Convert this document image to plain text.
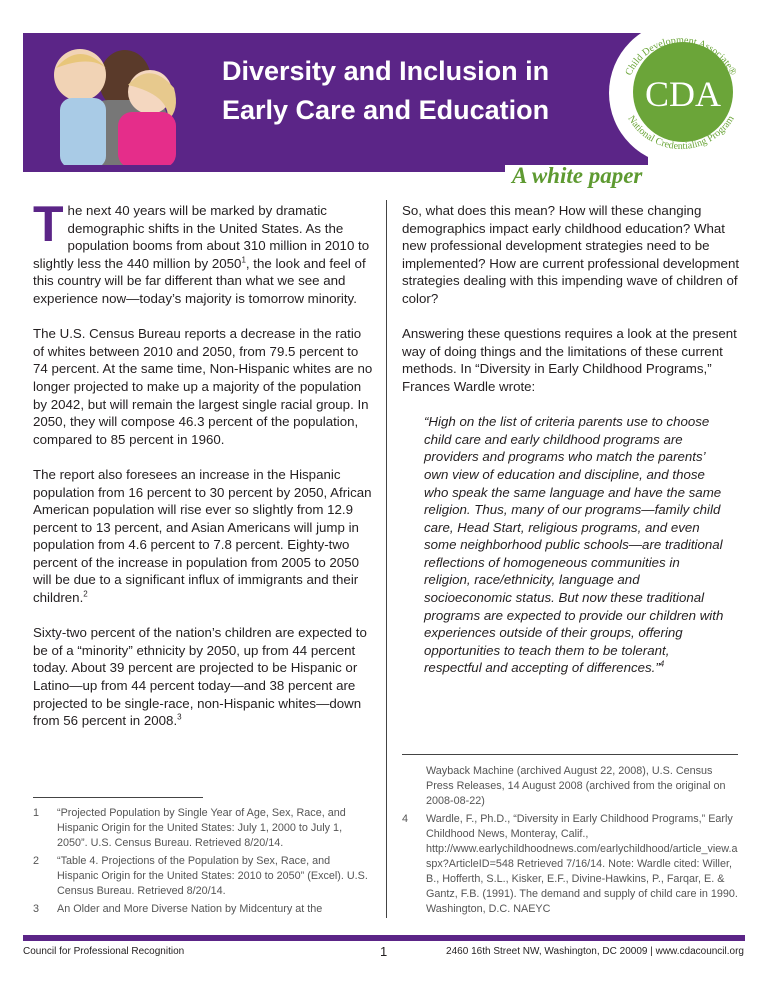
Diversity and Inclusion in
Early Care and Education	CDA
Child Development Associate®
National Credentialing Program
A white paper

The next 40 years will be marked by dramatic demographic shifts in the United States. As the population booms from about 310 million in 2010 to slightly less the 440 million by 2050$^1$, the look and feel of this country will be far different than what we see and experience now—today’s majority is tomorrow minority.

The U.S. Census Bureau reports a decrease in the ratio of whites between 2010 and 2050, from 79.5 percent to 74 percent. At the same time, Non-Hispanic whites are no longer projected to make up a majority of the population by 2042, but will remain the largest single racial group. In 2050, they will compose 46.3 percent of the population, compared to 85 percent in 1960.

The report also foresees an increase in the Hispanic population from 16 percent to 30 percent by 2050, African American population will rise ever so slightly from 12.9 percent to 13 percent, and Asian Americans will jump in population from 4.6 percent to 7.8 percent. Eighty-two percent of the increase in population from 2005 to 2050 will be due to a significant influx of immigrants and their children.$^2$

Sixty-two percent of the nation’s children are expected to be of a “minority” ethnicity by 2050, up from 44 percent today. About 39 percent are projected to be Hispanic or Latino—up from 44 percent today—and 38 percent are projected to be single-race, non-Hispanic whites—down from 56 percent in 2008.$^3$

1	“Projected Population by Single Year of Age, Sex, Race, and Hispanic Origin for the United States: July 1, 2000 to July 1, 2050”. U.S. Census Bureau. Retrieved 8/20/14.
2	“Table 4. Projections of the Population by Sex, Race, and Hispanic Origin for the United States: 2010 to 2050” (Excel). U.S. Census Bureau. Retrieved 8/20/14.
3	An Older and More Diverse Nation by Midcentury at the

So, what does this mean? How will these changing demographics impact early childhood education? What new professional development strategies need to be implemented? How are current professional development strategies dealing with this impending wave of children of color?

Answering these questions requires a look at the present way of doing things and the limitations of these current methods. In “Diversity in Early Childhood Programs,” Frances Wardle wrote:

“High on the list of criteria parents use to choose child care and early childhood programs are providers and programs who match the parents’ own view of education and discipline, and those who speak the same language and have the same religion. Thus, many of our programs—family child care, Head Start, religious programs, and even some neighborhood public schools—are traditional reflections of homogeneous communities in religion, race/ethnicity, language and socioeconomic status. But now these traditional programs are expected to provide our children with experiences outside of their groups, offering opportunities to teach them to be tolerant, respectful and accepting of differences.”$^4$

Wayback Machine (archived August 22, 2008), U.S. Census Press Releases, 14 August 2008 (archived from the original on 2008-08-22)
4	Wardle, F., Ph.D., “Diversity in Early Childhood Programs,” Early Childhood News, Monteray, Calif., http://www.earlychildhoodnews.com/earlychildhood/article_view.aspx?ArticleID=548 Retrieved 7/16/14. Note: Wardle cited: Willer, B., Hofferth, S.L., Kisker, E.F., Divine-Hawkins, P., Farqar, E. & Gantz, F.B. (1991). The demand and supply of child care in 1990. Washington, D.C. NAEYC
Council for Professional Recognition	1	2460 16th Street NW, Washington, DC 20009 | www.cdacouncil.org
